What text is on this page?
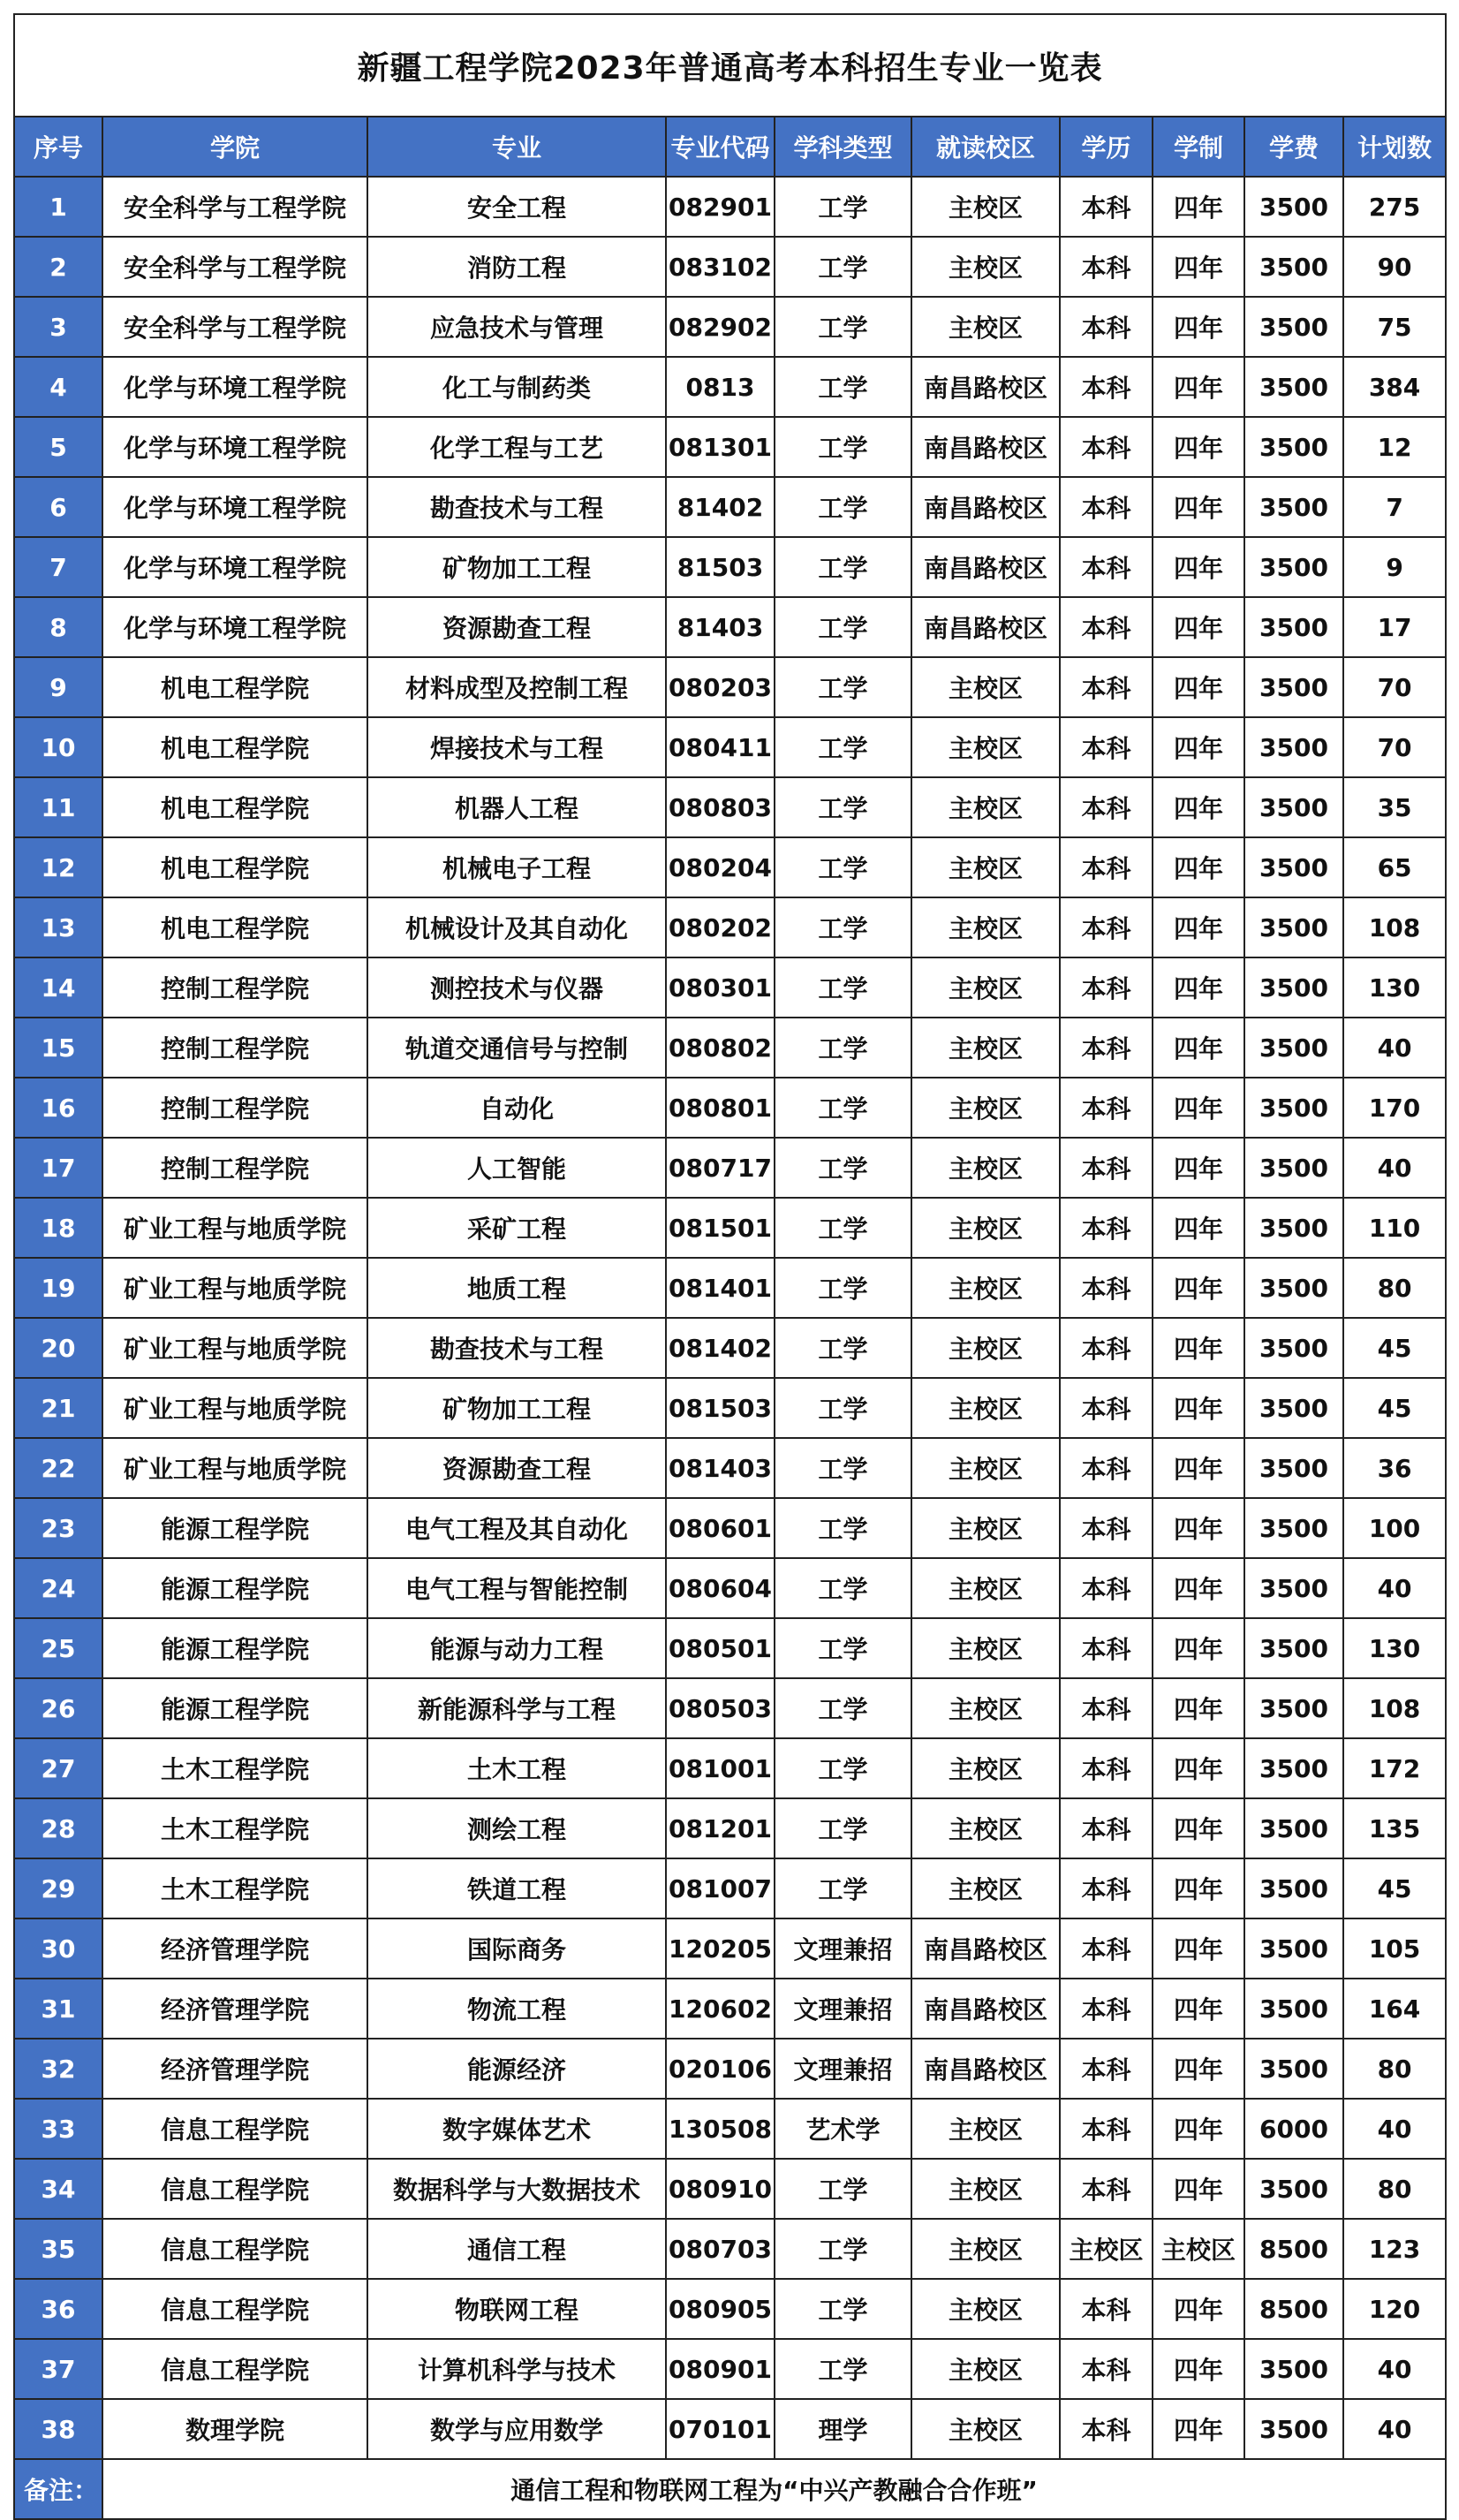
新疆工程学院2023年普通高考本科招生专业一览表									
序号	学院	专业	专业代码	学科类型	就读校区	学历	学制	学费	计划数
1	安全科学与工程学院	安全工程	082901	工学	主校区	本科	四年	3500	275
2	安全科学与工程学院	消防工程	083102	工学	主校区	本科	四年	3500	90
3	安全科学与工程学院	应急技术与管理	082902	工学	主校区	本科	四年	3500	75
4	化学与环境工程学院	化工与制药类	0813	工学	南昌路校区	本科	四年	3500	384
5	化学与环境工程学院	化学工程与工艺	081301	工学	南昌路校区	本科	四年	3500	12
6	化学与环境工程学院	勘查技术与工程	81402	工学	南昌路校区	本科	四年	3500	7
7	化学与环境工程学院	矿物加工工程	81503	工学	南昌路校区	本科	四年	3500	9
8	化学与环境工程学院	资源勘查工程	81403	工学	南昌路校区	本科	四年	3500	17
9	机电工程学院	材料成型及控制工程	080203	工学	主校区	本科	四年	3500	70
10	机电工程学院	焊接技术与工程	080411	工学	主校区	本科	四年	3500	70
11	机电工程学院	机器人工程	080803	工学	主校区	本科	四年	3500	35
12	机电工程学院	机械电子工程	080204	工学	主校区	本科	四年	3500	65
13	机电工程学院	机械设计及其自动化	080202	工学	主校区	本科	四年	3500	108
14	控制工程学院	测控技术与仪器	080301	工学	主校区	本科	四年	3500	130
15	控制工程学院	轨道交通信号与控制	080802	工学	主校区	本科	四年	3500	40
16	控制工程学院	自动化	080801	工学	主校区	本科	四年	3500	170
17	控制工程学院	人工智能	080717	工学	主校区	本科	四年	3500	40
18	矿业工程与地质学院	采矿工程	081501	工学	主校区	本科	四年	3500	110
19	矿业工程与地质学院	地质工程	081401	工学	主校区	本科	四年	3500	80
20	矿业工程与地质学院	勘查技术与工程	081402	工学	主校区	本科	四年	3500	45
21	矿业工程与地质学院	矿物加工工程	081503	工学	主校区	本科	四年	3500	45
22	矿业工程与地质学院	资源勘查工程	081403	工学	主校区	本科	四年	3500	36
23	能源工程学院	电气工程及其自动化	080601	工学	主校区	本科	四年	3500	100
24	能源工程学院	电气工程与智能控制	080604	工学	主校区	本科	四年	3500	40
25	能源工程学院	能源与动力工程	080501	工学	主校区	本科	四年	3500	130
26	能源工程学院	新能源科学与工程	080503	工学	主校区	本科	四年	3500	108
27	土木工程学院	土木工程	081001	工学	主校区	本科	四年	3500	172
28	土木工程学院	测绘工程	081201	工学	主校区	本科	四年	3500	135
29	土木工程学院	铁道工程	081007	工学	主校区	本科	四年	3500	45
30	经济管理学院	国际商务	120205	文理兼招	南昌路校区	本科	四年	3500	105
31	经济管理学院	物流工程	120602	文理兼招	南昌路校区	本科	四年	3500	164
32	经济管理学院	能源经济	020106	文理兼招	南昌路校区	本科	四年	3500	80
33	信息工程学院	数字媒体艺术	130508	艺术学	主校区	本科	四年	6000	40
34	信息工程学院	数据科学与大数据技术	080910	工学	主校区	本科	四年	3500	80
35	信息工程学院	通信工程	080703	工学	主校区	主校区	主校区	8500	123
36	信息工程学院	物联网工程	080905	工学	主校区	本科	四年	8500	120
37	信息工程学院	计算机科学与技术	080901	工学	主校区	本科	四年	3500	40
38	数理学院	数学与应用数学	070101	理学	主校区	本科	四年	3500	40
备注：	通信工程和物联网工程为“中兴产教融合合作班”								
